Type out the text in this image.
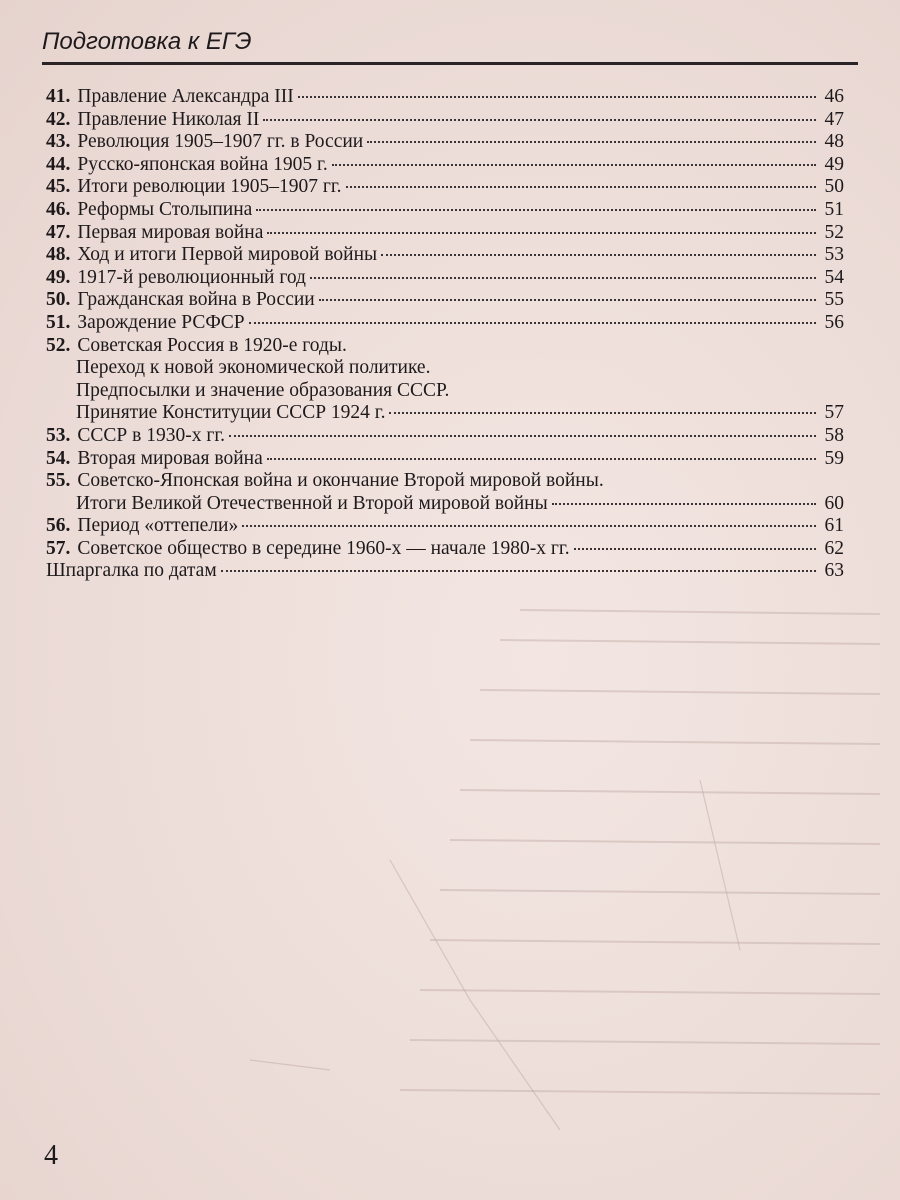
Подготовка к ЕГЭ
41. Правление Александра III	46
42. Правление Николая II	47
43. Революция 1905–1907 гг. в России	48
44. Русско-японская война 1905 г.	49
45. Итоги революции 1905–1907 гг.	50
46. Реформы Столыпина	51
47. Первая мировая война	52
48. Ход и итоги Первой мировой войны	53
49. 1917-й революционный год	54
50. Гражданская война в России	55
51. Зарождение РСФСР	56
52. Советская Россия в 1920-е годы.
Переход к новой экономической политике.
Предпосылки и значение образования СССР.
Принятие Конституции СССР 1924 г.	57
53. СССР в 1930-х гг.	58
54. Вторая мировая война	59
55. Советско-Японская война и окончание Второй мировой войны.
Итоги Великой Отечественной и Второй мировой войны	60
56. Период «оттепели»	61
57. Советское общество в середине 1960-х — начале 1980-х гг.	62
Шпаргалка по датам	63
4
